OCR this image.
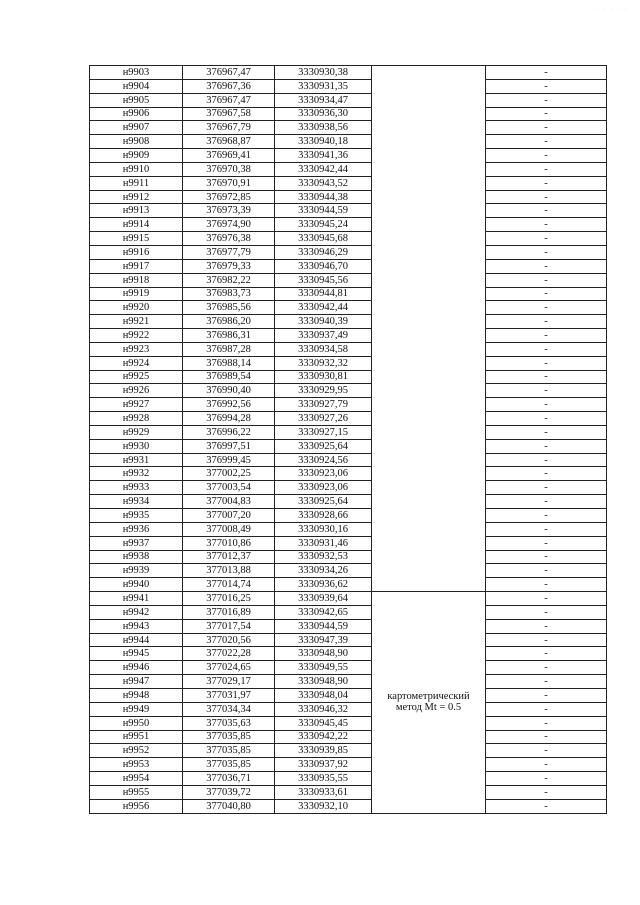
. . . . .
н9903	376967,47	3330930,38		-
н9904	376967,36	3330931,35		-
н9905	376967,47	3330934,47		-
н9906	376967,58	3330936,30		-
н9907	376967,79	3330938,56		-
н9908	376968,87	3330940,18		-
н9909	376969,41	3330941,36		-
н9910	376970,38	3330942,44		-
н9911	376970,91	3330943,52		-
н9912	376972,85	3330944,38		-
н9913	376973,39	3330944,59		-
н9914	376974,90	3330945,24		-
н9915	376976,38	3330945,68		-
н9916	376977,79	3330946,29		-
н9917	376979,33	3330946,70		-
н9918	376982,22	3330945,56		-
н9919	376983,73	3330944,81		-
н9920	376985,56	3330942,44		-
н9921	376986,20	3330940,39		-
н9922	376986,31	3330937,49		-
н9923	376987,28	3330934,58		-
н9924	376988,14	3330932,32		-
н9925	376989,54	3330930,81		-
н9926	376990,40	3330929,95		-
н9927	376992,56	3330927,79		-
н9928	376994,28	3330927,26		-
н9929	376996,22	3330927,15		-
н9930	376997,51	3330925,64		-
н9931	376999,45	3330924,56		-
н9932	377002,25	3330923,06		-
н9933	377003,54	3330923,06		-
н9934	377004,83	3330925,64		-
н9935	377007,20	3330928,66		-
н9936	377008,49	3330930,16		-
н9937	377010,86	3330931,46		-
н9938	377012,37	3330932,53		-
н9939	377013,88	3330934,26		-
н9940	377014,74	3330936,62		-
н9941	377016,25	3330939,64	картометрический
метод Mt = 0.5	-
н9942	377016,89	3330942,65		-
н9943	377017,54	3330944,59		-
н9944	377020,56	3330947,39		-
н9945	377022,28	3330948,90		-
н9946	377024,65	3330949,55		-
н9947	377029,17	3330948,90		-
н9948	377031,97	3330948,04		-
н9949	377034,34	3330946,32		-
н9950	377035,63	3330945,45		-
н9951	377035,85	3330942,22		-
н9952	377035,85	3330939,85		-
н9953	377035,85	3330937,92		-
н9954	377036,71	3330935,55		-
н9955	377039,72	3330933,61		-
н9956	377040,80	3330932,10		-
